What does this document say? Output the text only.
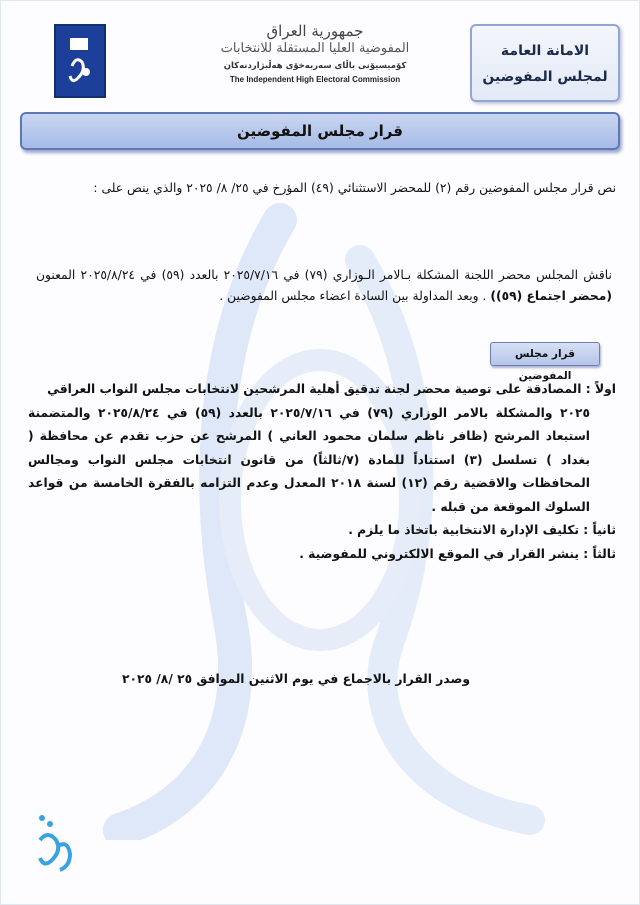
جمهورية العراق
المفوضية العليا المستقلة للانتخابات
كۆمیسیۆنی باڵای سەربەخۆی هەڵبژاردنەکان
The Independent High Electoral Commission
الامانة العامة
لمجلس المفوضين
قرار مجلس المفوضين
نص قرار مجلس المفوضين رقم (٢) للمحضر الاستثنائي (٤٩) المؤرخ في ٢٥/ ٨/ ٢٠٢٥ والذي ينص على :
ناقش المجلس محضر اللجنة المشكلة بـالامر الـوزاري (٧٩) في ٢٠٢٥/٧/١٦ بالعدد (٥٩) في ٢٠٢٥/٨/٢٤ المعنون (محضر اجتماع (٥٩)) . وبعد المداولة بين السادة اعضاء مجلس المفوضين .
قرار مجلس المفوضين
اولاً : المصادقة على توصية محضر لجنة تدقيق أهلية المرشحين لانتخابات مجلس النواب العراقي
٢٠٢٥ والمشكلة بالامر الوزاري (٧٩) في ٢٠٢٥/٧/١٦ بالعدد (٥٩) في ٢٠٢٥/٨/٢٤ والمتضمنة استبعاد المرشح (ظافر ناظم سلمان محمود العاني ) المرشح عن حزب تقدم عن محافظة ( بغداد ) تسلسل (٣) استناداً للمادة (٧/ثالثاً) من قانون انتخابات مجلس النواب ومجالس المحافظات والاقضية رقم (١٢) لسنة ٢٠١٨ المعدل وعدم التزامه بالفقرة الخامسة من قواعد السلوك الموقعة من قبله .
ثانياً : تكليف الإدارة الانتخابية باتخاذ ما يلزم .
ثالثاً : ينشر القرار في الموقع الالكتروني للمفوضية .
وصدر القرار بالاجماع في يوم الاثنين الموافق ٢٥ /٨/ ٢٠٢٥
